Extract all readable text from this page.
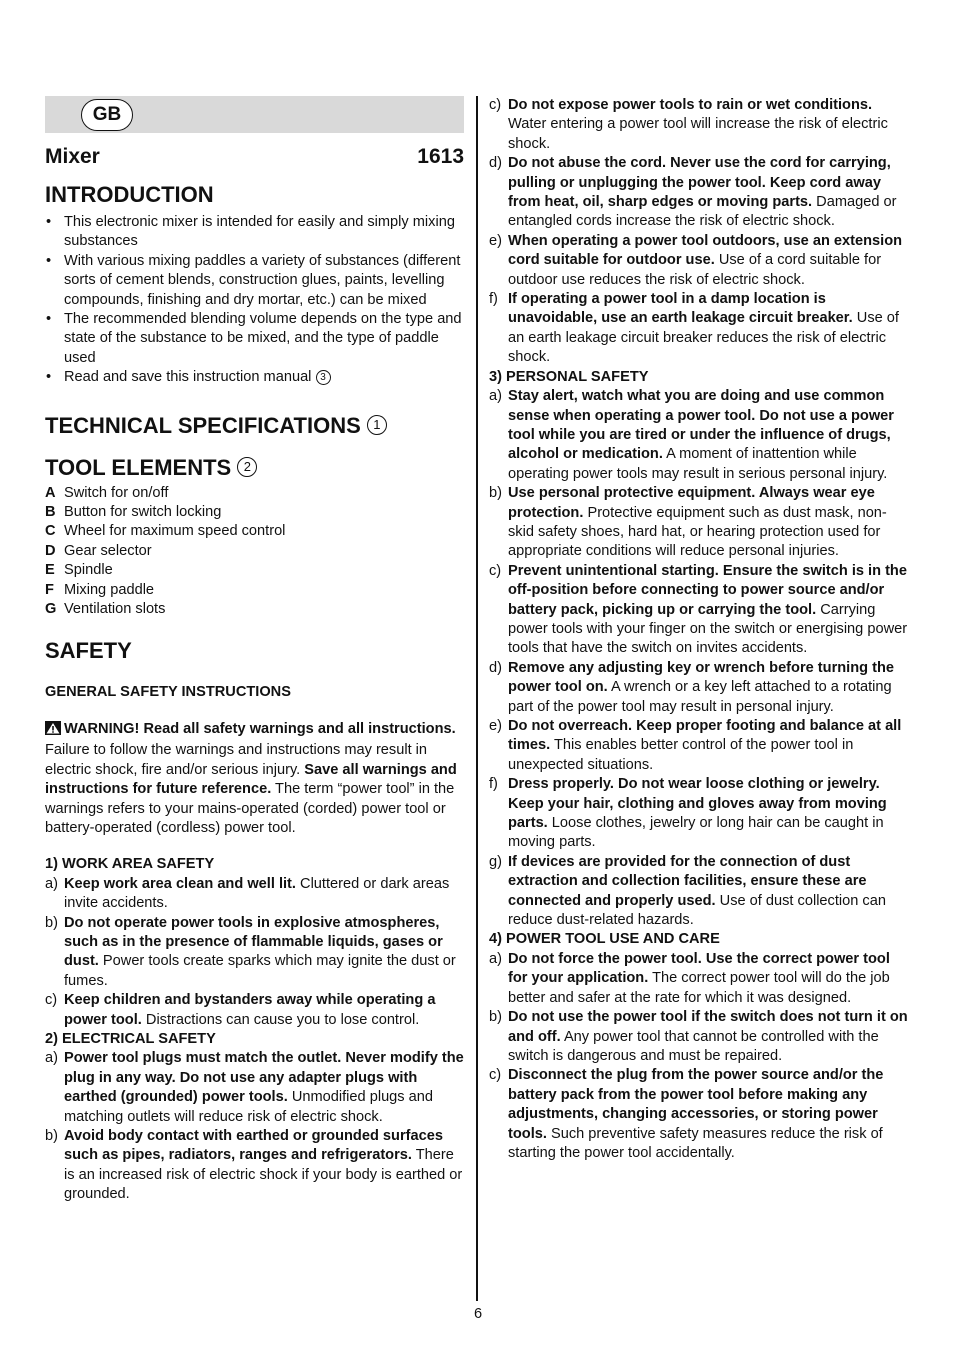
GB
Mixer	1613
INTRODUCTION
• This electronic mixer is intended for easily and simply mixing substances
• With various mixing paddles a variety of substances (different sorts of cement blends, construction glues, paints, levelling compounds, finishing and dry mortar, etc.) can be mixed
• The recommended blending volume depends on the type and state of the substance to be mixed, and the type of paddle used
• Read and save this instruction manual 3
TECHNICAL SPECIFICATIONS 1
TOOL ELEMENTS 2
A Switch for on/off
B Button for switch locking
C Wheel for maximum speed control
D Gear selector
E Spindle
F Mixing paddle
G Ventilation slots
SAFETY
GENERAL SAFETY INSTRUCTIONS
WARNING! Read all safety warnings and all instructions. Failure to follow the warnings and instructions may result in electric shock, fire and/or serious injury. Save all warnings and instructions for future reference. The term “power tool” in the warnings refers to your mains-operated (corded) power tool or battery-operated (cordless) power tool.
1) WORK AREA SAFETY
a) Keep work area clean and well lit. Cluttered or dark areas invite accidents.
b) Do not operate power tools in explosive atmospheres, such as in the presence of flammable liquids, gases or dust. Power tools create sparks which may ignite the dust or fumes.
c) Keep children and bystanders away while operating a power tool. Distractions can cause you to lose control.
2) ELECTRICAL SAFETY
a) Power tool plugs must match the outlet. Never modify the plug in any way. Do not use any adapter plugs with earthed (grounded) power tools. Unmodified plugs and matching outlets will reduce risk of electric shock.
b) Avoid body contact with earthed or grounded surfaces such as pipes, radiators, ranges and refrigerators. There is an increased risk of electric shock if your body is earthed or grounded.
c) Do not expose power tools to rain or wet conditions. Water entering a power tool will increase the risk of electric shock.
d) Do not abuse the cord. Never use the cord for carrying, pulling or unplugging the power tool. Keep cord away from heat, oil, sharp edges or moving parts. Damaged or entangled cords increase the risk of electric shock.
e) When operating a power tool outdoors, use an extension cord suitable for outdoor use. Use of a cord suitable for outdoor use reduces the risk of electric shock.
f) If operating a power tool in a damp location is unavoidable, use an earth leakage circuit breaker. Use of an earth leakage circuit breaker reduces the risk of electric shock.
3) PERSONAL SAFETY
a) Stay alert, watch what you are doing and use common sense when operating a power tool. Do not use a power tool while you are tired or under the influence of drugs, alcohol or medication. A moment of inattention while operating power tools may result in serious personal injury.
b) Use personal protective equipment. Always wear eye protection. Protective equipment such as dust mask, non-skid safety shoes, hard hat, or hearing protection used for appropriate conditions will reduce personal injuries.
c) Prevent unintentional starting. Ensure the switch is in the off-position before connecting to power source and/or battery pack, picking up or carrying the tool. Carrying power tools with your finger on the switch or energising power tools that have the switch on invites accidents.
d) Remove any adjusting key or wrench before turning the power tool on. A wrench or a key left attached to a rotating part of the power tool may result in personal injury.
e) Do not overreach. Keep proper footing and balance at all times. This enables better control of the power tool in unexpected situations.
f) Dress properly. Do not wear loose clothing or jewelry. Keep your hair, clothing and gloves away from moving parts. Loose clothes, jewelry or long hair can be caught in moving parts.
g) If devices are provided for the connection of dust extraction and collection facilities, ensure these are connected and properly used. Use of dust collection can reduce dust-related hazards.
4) POWER TOOL USE AND CARE
a) Do not force the power tool. Use the correct power tool for your application. The correct power tool will do the job better and safer at the rate for which it was designed.
b) Do not use the power tool if the switch does not turn it on and off. Any power tool that cannot be controlled with the switch is dangerous and must be repaired.
c) Disconnect the plug from the power source and/or the battery pack from the power tool before making any adjustments, changing accessories, or storing power tools. Such preventive safety measures reduce the risk of starting the power tool accidentally.
6
